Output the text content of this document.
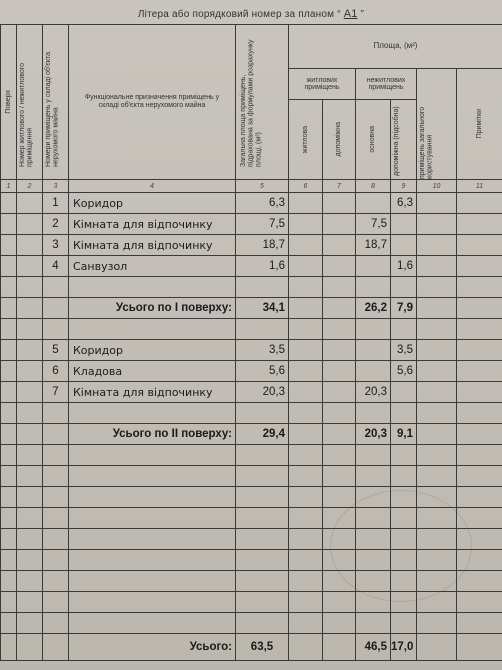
Літера або порядковий номер за планом “ А1 ”
Поверх	Номер житлового / нежитлового приміщення	Номери приміщень у складі об'єкта нерухомого майна	Функціональне призначення приміщень у складі об'єкта нерухомого майна	Загальна площа приміщень, підрахована за формулами розрахунку площі, (м²)	Площа, (м²)					
					житлових приміщень		нежитлових приміщень		приміщень загального користування	Примітки

					житлова	допоміжна	основна	допоміжна (підсобна)		

1	2	3	4	5	6	7	8	9	10	11
		1	Коридор	6,3				6,3		
		2	Кімната для відпочинку	7,5			7,5			
		3	Кімната для відпочинку	18,7			18,7			
		4	Санвузол	1,6				1,6		

			Усього по І поверху:	34,1			26,2	7,9		

		5	Коридор	3,5				3,5		
		6	Кладова	5,6				5,6		
		7	Кімната для відпочинку	20,3			20,3			

			Усього по ІІ поверху:	29,4			20,3	9,1		

			Усього:	63,5			46,5	17,0		
